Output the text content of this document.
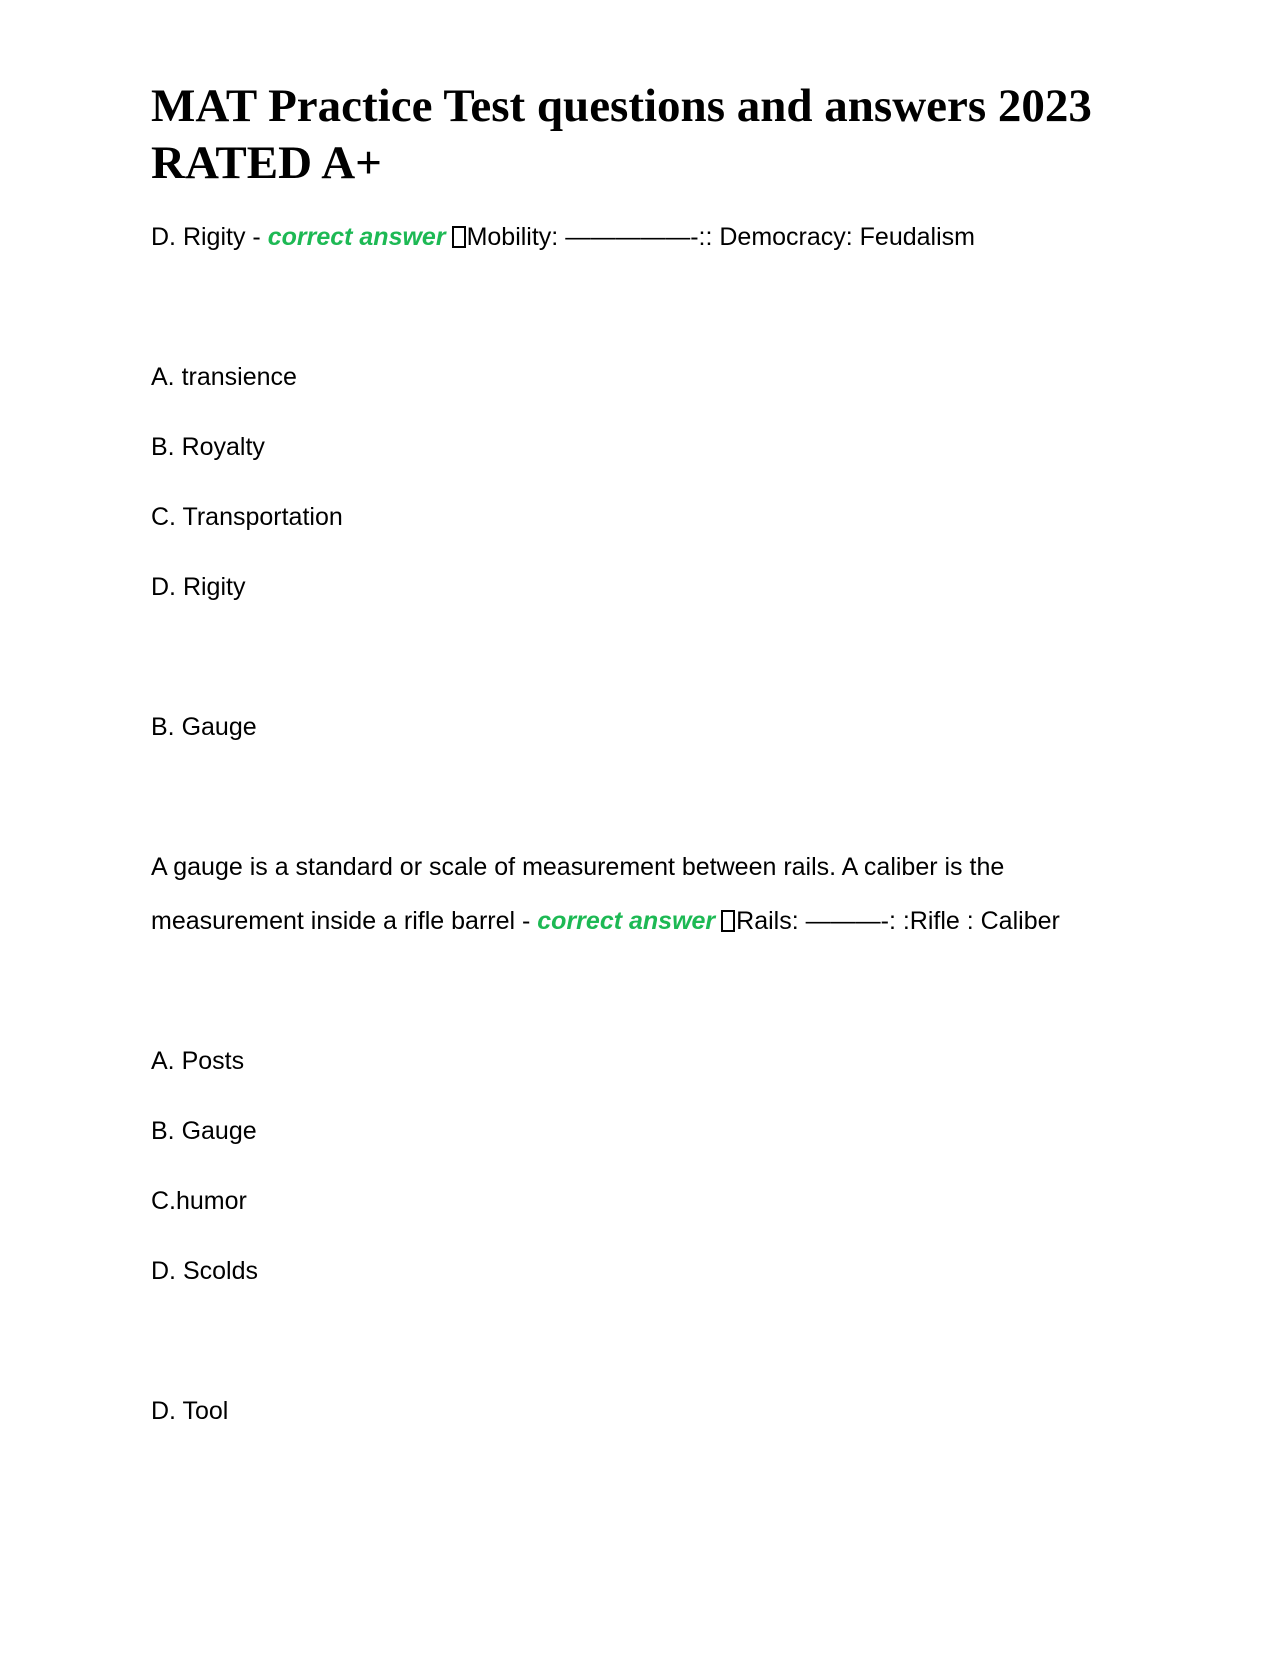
MAT Practice Test questions and answers 2023 RATED A+
D. Rigity - correct answer Mobility: —————-:: Democracy: Feudalism
A. transience
B. Royalty
C. Transportation
D. Rigity
B. Gauge
A gauge is a standard or scale of measurement between rails. A caliber is the
measurement inside a rifle barrel - correct answer Rails: ———-: :Rifle : Caliber
A. Posts
B. Gauge
C.humor
D. Scolds
D. Tool
